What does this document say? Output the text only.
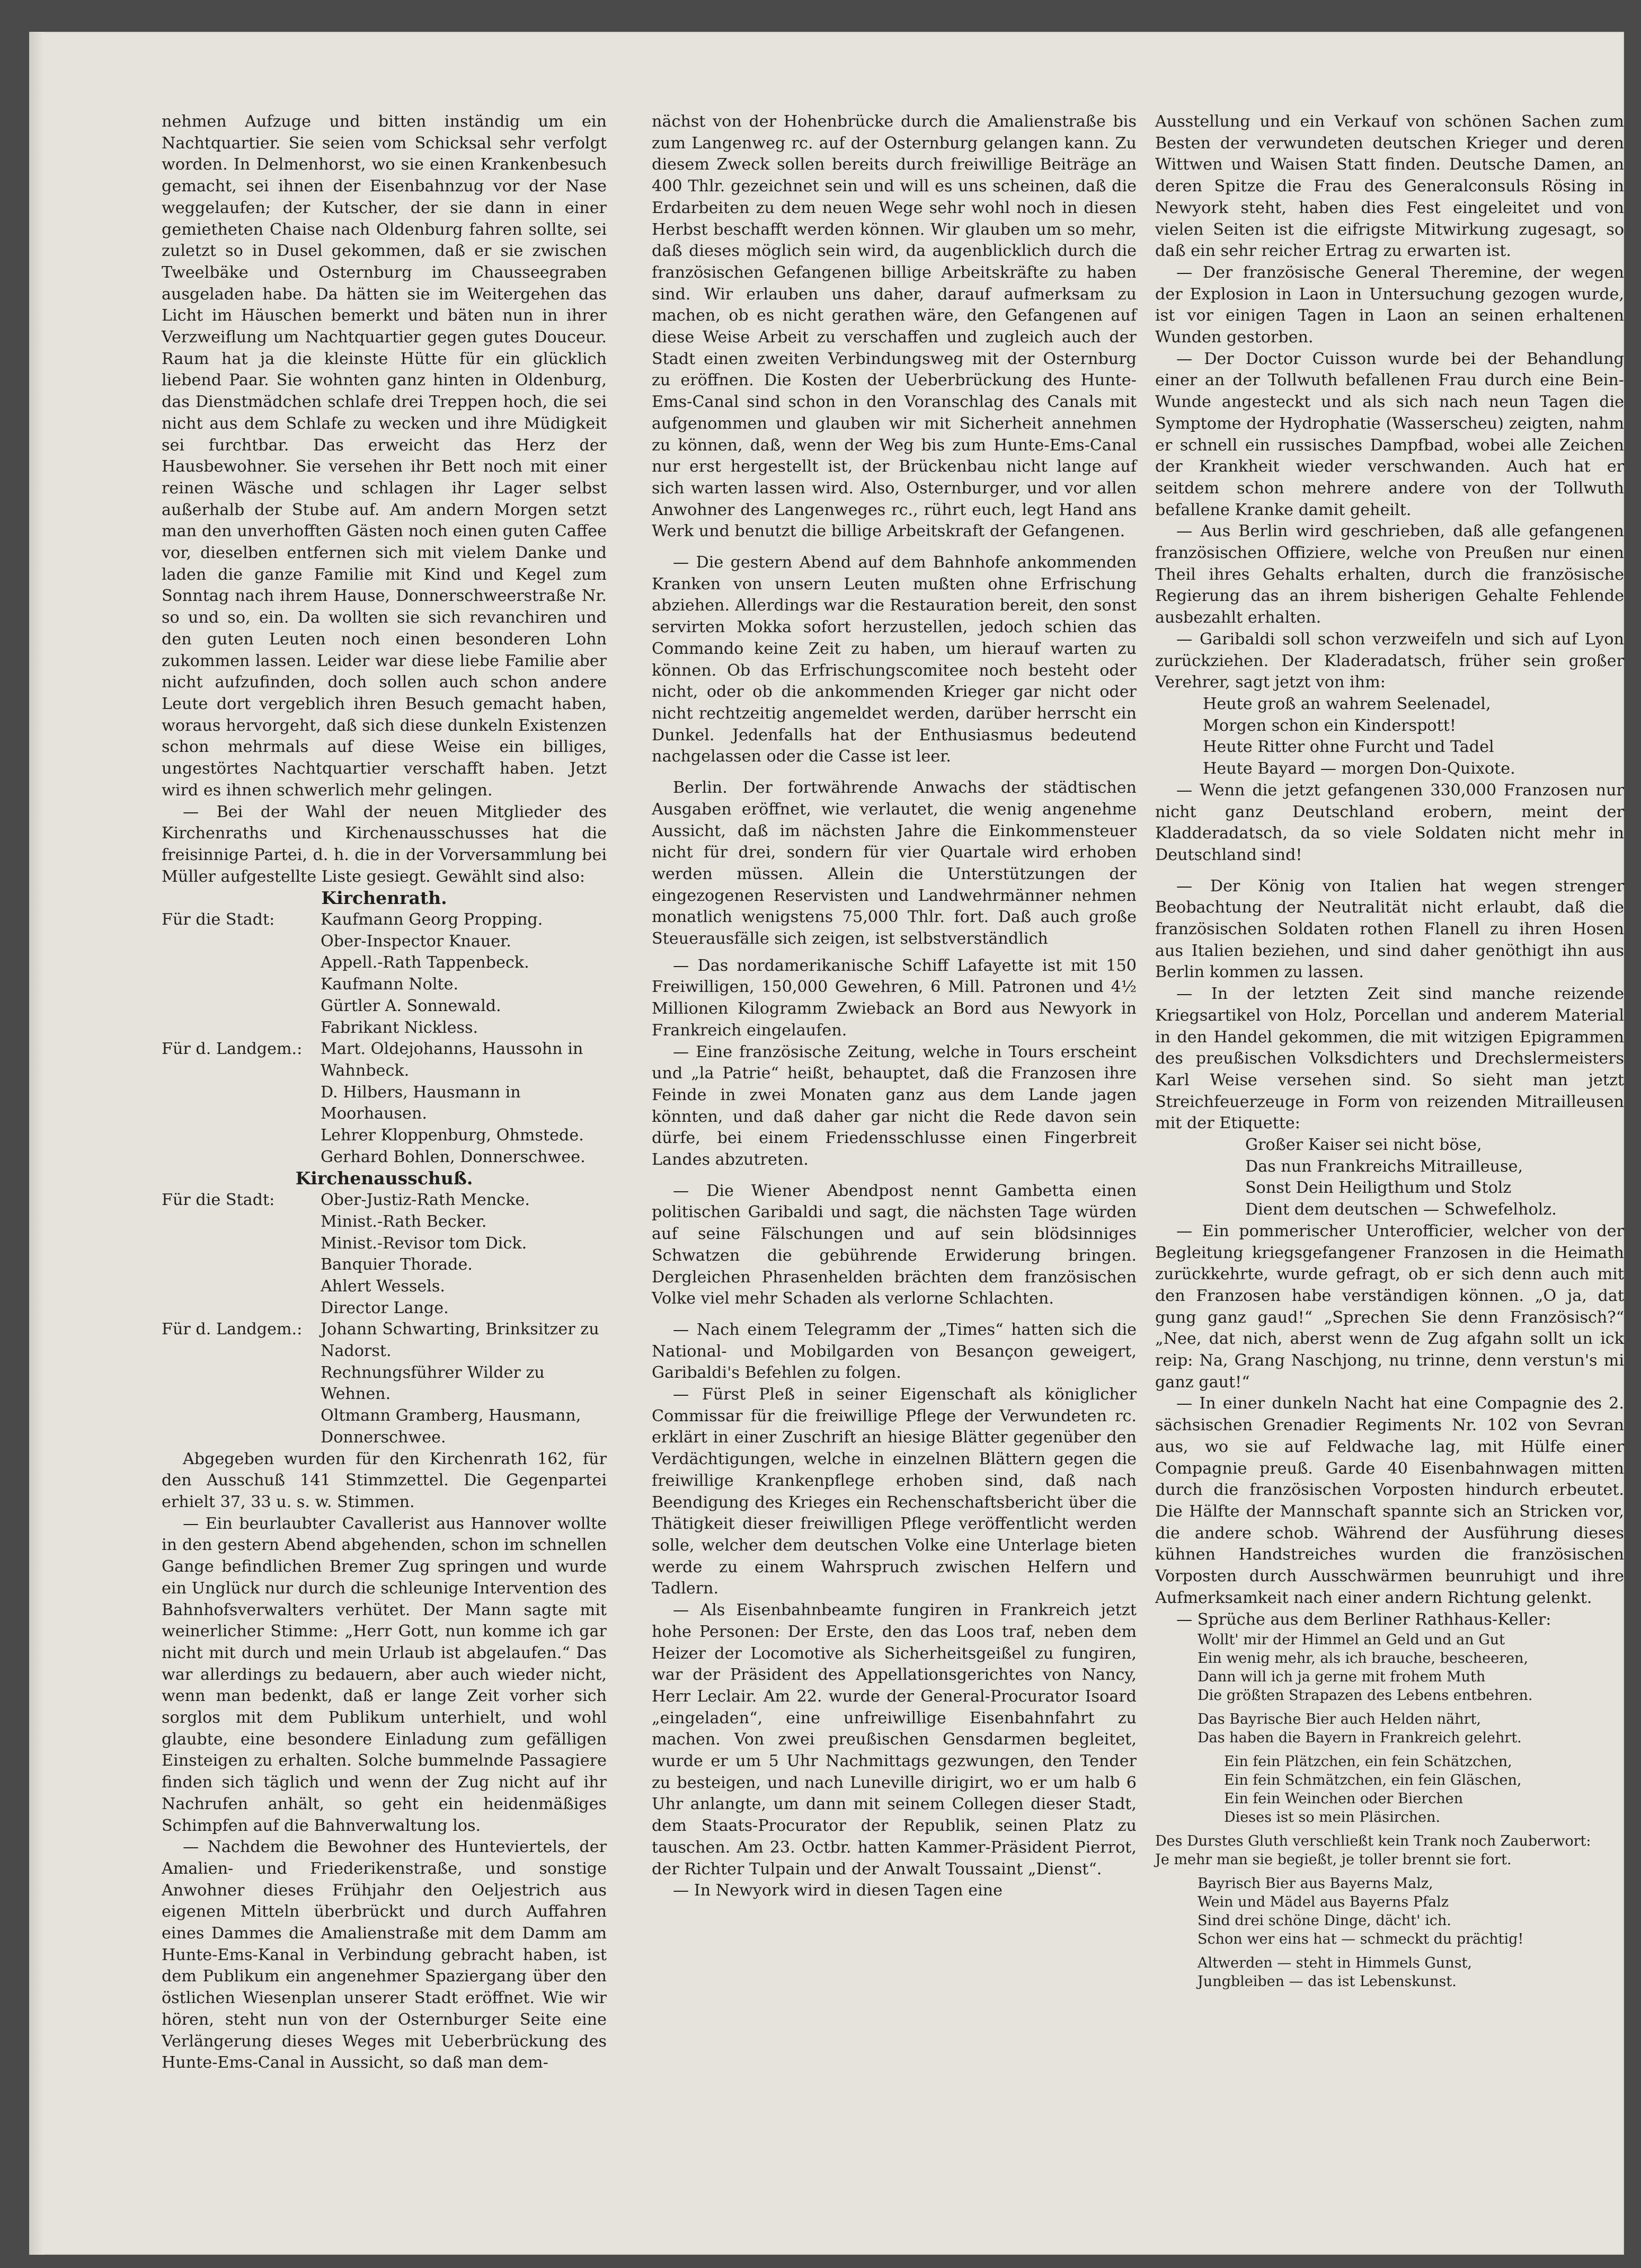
nehmen Aufzuge und bitten inständig um ein Nachtquartier. Sie seien vom Schicksal sehr verfolgt worden. In Delmenhorst, wo sie einen Krankenbesuch gemacht, sei ihnen der Eisenbahnzug vor der Nase weggelaufen; der Kutscher, der sie dann in einer gemietheten Chaise nach Oldenburg fahren sollte, sei zuletzt so in Dusel gekommen, daß er sie zwischen Tweelbäke und Osternburg im Chausseegraben ausgeladen habe. Da hätten sie im Weitergehen das Licht im Häuschen bemerkt und bäten nun in ihrer Verzweiflung um Nachtquartier gegen gutes Douceur. Raum hat ja die kleinste Hütte für ein glücklich liebend Paar. Sie wohnten ganz hinten in Oldenburg, das Dienstmädchen schlafe drei Treppen hoch, die sei nicht aus dem Schlafe zu wecken und ihre Müdigkeit sei furchtbar. Das erweicht das Herz der Hausbewohner. Sie versehen ihr Bett noch mit einer reinen Wäsche und schlagen ihr Lager selbst außerhalb der Stube auf. Am andern Morgen setzt man den unverhofften Gästen noch einen guten Caffee vor, dieselben entfernen sich mit vielem Danke und laden die ganze Familie mit Kind und Kegel zum Sonntag nach ihrem Hause, Donnerschweerstraße Nr. so und so, ein. Da wollten sie sich revanchiren und den guten Leuten noch einen besonderen Lohn zukommen lassen. Leider war diese liebe Familie aber nicht aufzufinden, doch sollen auch schon andere Leute dort vergeblich ihren Besuch gemacht haben, woraus hervorgeht, daß sich diese dunkeln Existenzen schon mehrmals auf diese Weise ein billiges, ungestörtes Nachtquartier verschafft haben. Jetzt wird es ihnen schwerlich mehr gelingen.

— Bei der Wahl der neuen Mitglieder des Kirchenraths und Kirchenausschusses hat die freisinnige Partei, d. h. die in der Vorversammlung bei Müller aufgestellte Liste gesiegt. Gewählt sind also:

Kirchenrath.

Für die Stadt:	Kaufmann Georg Propping.
Ober-Inspector Knauer.
Appell.-Rath Tappenbeck.
Kaufmann Nolte.
Gürtler A. Sonnewald.
Fabrikant Nickless.
Für d. Landgem.:	Mart. Oldejohanns, Haussohn in Wahnbeck.
D. Hilbers, Hausmann in Moorhausen.
Lehrer Kloppenburg, Ohmstede.
Gerhard Bohlen, Donnerschwee.

Kirchenausschuß.

Für die Stadt:	Ober-Justiz-Rath Mencke.
Minist.-Rath Becker.
Minist.-Revisor tom Dick.
Banquier Thorade.
Ahlert Wessels.
Director Lange.
Für d. Landgem.:	Johann Schwarting, Brinksitzer zu Nadorst.
Rechnungsführer Wilder zu Wehnen.
Oltmann Gramberg, Hausmann, Donnerschwee.

Abgegeben wurden für den Kirchenrath 162, für den Ausschuß 141 Stimmzettel. Die Gegenpartei erhielt 37, 33 u. s. w. Stimmen.

— Ein beurlaubter Cavallerist aus Hannover wollte in den gestern Abend abgehenden, schon im schnellen Gange befindlichen Bremer Zug springen und wurde ein Unglück nur durch die schleunige Intervention des Bahnhofsverwalters verhütet. Der Mann sagte mit weinerlicher Stimme: „Herr Gott, nun komme ich gar nicht mit durch und mein Urlaub ist abgelaufen.“ Das war allerdings zu bedauern, aber auch wieder nicht, wenn man bedenkt, daß er lange Zeit vorher sich sorglos mit dem Publikum unterhielt, und wohl glaubte, eine besondere Einladung zum gefälligen Einsteigen zu erhalten. Solche bummelnde Passagiere finden sich täglich und wenn der Zug nicht auf ihr Nachrufen anhält, so geht ein heidenmäßiges Schimpfen auf die Bahnverwaltung los.

— Nachdem die Bewohner des Hunteviertels, der Amalien- und Friederikenstraße, und sonstige Anwohner dieses Frühjahr den Oeljestrich aus eigenen Mitteln überbrückt und durch Auffahren eines Dammes die Amalienstraße mit dem Damm am Hunte-Ems-Kanal in Verbindung gebracht haben, ist dem Publikum ein angenehmer Spaziergang über den östlichen Wiesenplan unserer Stadt eröffnet. Wie wir hören, steht nun von der Osternburger Seite eine Verlängerung dieses Weges mit Ueberbrückung des Hunte-Ems-Canal in Aussicht, so daß man dem-

nächst von der Hohenbrücke durch die Amalienstraße bis zum Langenweg rc. auf der Osternburg gelangen kann. Zu diesem Zweck sollen bereits durch freiwillige Beiträge an 400 Thlr. gezeichnet sein und will es uns scheinen, daß die Erdarbeiten zu dem neuen Wege sehr wohl noch in diesen Herbst beschafft werden können. Wir glauben um so mehr, daß dieses möglich sein wird, da augenblicklich durch die französischen Gefangenen billige Arbeitskräfte zu haben sind. Wir erlauben uns daher, darauf aufmerksam zu machen, ob es nicht gerathen wäre, den Gefangenen auf diese Weise Arbeit zu verschaffen und zugleich auch der Stadt einen zweiten Verbindungsweg mit der Osternburg zu eröffnen. Die Kosten der Ueberbrückung des Hunte-Ems-Canal sind schon in den Voranschlag des Canals mit aufgenommen und glauben wir mit Sicherheit annehmen zu können, daß, wenn der Weg bis zum Hunte-Ems-Canal nur erst hergestellt ist, der Brückenbau nicht lange auf sich warten lassen wird. Also, Osternburger, und vor allen Anwohner des Langenweges rc., rührt euch, legt Hand ans Werk und benutzt die billige Arbeitskraft der Gefangenen.

— Die gestern Abend auf dem Bahnhofe ankommenden Kranken von unsern Leuten mußten ohne Erfrischung abziehen. Allerdings war die Restauration bereit, den sonst servirten Mokka sofort herzustellen, jedoch schien das Commando keine Zeit zu haben, um hierauf warten zu können. Ob das Erfrischungscomitee noch besteht oder nicht, oder ob die ankommenden Krieger gar nicht oder nicht rechtzeitig angemeldet werden, darüber herrscht ein Dunkel. Jedenfalls hat der Enthusiasmus bedeutend nachgelassen oder die Casse ist leer.

Berlin. Der fortwährende Anwachs der städtischen Ausgaben eröffnet, wie verlautet, die wenig angenehme Aussicht, daß im nächsten Jahre die Einkommensteuer nicht für drei, sondern für vier Quartale wird erhoben werden müssen. Allein die Unterstützungen der eingezogenen Reservisten und Landwehrmänner nehmen monatlich wenigstens 75,000 Thlr. fort. Daß auch große Steuerausfälle sich zeigen, ist selbstverständlich

— Das nordamerikanische Schiff Lafayette ist mit 150 Freiwilligen, 150,000 Gewehren, 6 Mill. Patronen und 4½ Millionen Kilogramm Zwieback an Bord aus Newyork in Frankreich eingelaufen.

— Eine französische Zeitung, welche in Tours erscheint und „la Patrie“ heißt, behauptet, daß die Franzosen ihre Feinde in zwei Monaten ganz aus dem Lande jagen könnten, und daß daher gar nicht die Rede davon sein dürfe, bei einem Friedensschlusse einen Fingerbreit Landes abzutreten.

— Die Wiener Abendpost nennt Gambetta einen politischen Garibaldi und sagt, die nächsten Tage würden auf seine Fälschungen und auf sein blödsinniges Schwatzen die gebührende Erwiderung bringen. Dergleichen Phrasenhelden brächten dem französischen Volke viel mehr Schaden als verlorne Schlachten.

— Nach einem Telegramm der „Times“ hatten sich die National- und Mobilgarden von Besançon geweigert, Garibaldi's Befehlen zu folgen.

— Fürst Pleß in seiner Eigenschaft als königlicher Commissar für die freiwillige Pflege der Verwundeten rc. erklärt in einer Zuschrift an hiesige Blätter gegenüber den Verdächtigungen, welche in einzelnen Blättern gegen die freiwillige Krankenpflege erhoben sind, daß nach Beendigung des Krieges ein Rechenschaftsbericht über die Thätigkeit dieser freiwilligen Pflege veröffentlicht werden solle, welcher dem deutschen Volke eine Unterlage bieten werde zu einem Wahrspruch zwischen Helfern und Tadlern.

— Als Eisenbahnbeamte fungiren in Frankreich jetzt hohe Personen: Der Erste, den das Loos traf, neben dem Heizer der Locomotive als Sicherheitsgeißel zu fungiren, war der Präsident des Appellationsgerichtes von Nancy, Herr Leclair. Am 22. wurde der General-Procurator Isoard „eingeladen“, eine unfreiwillige Eisenbahnfahrt zu machen. Von zwei preußischen Gensdarmen begleitet, wurde er um 5 Uhr Nachmittags gezwungen, den Tender zu besteigen, und nach Luneville dirigirt, wo er um halb 6 Uhr anlangte, um dann mit seinem Collegen dieser Stadt, dem Staats-Procurator der Republik, seinen Platz zu tauschen. Am 23. Octbr. hatten Kammer-Präsident Pierrot, der Richter Tulpain und der Anwalt Toussaint „Dienst“.

— In Newyork wird in diesen Tagen eine

Ausstellung und ein Verkauf von schönen Sachen zum Besten der verwundeten deutschen Krieger und deren Wittwen und Waisen Statt finden. Deutsche Damen, an deren Spitze die Frau des Generalconsuls Rösing in Newyork steht, haben dies Fest eingeleitet und von vielen Seiten ist die eifrigste Mitwirkung zugesagt, so daß ein sehr reicher Ertrag zu erwarten ist.

— Der französische General Theremine, der wegen der Explosion in Laon in Untersuchung gezogen wurde, ist vor einigen Tagen in Laon an seinen erhaltenen Wunden gestorben.

— Der Doctor Cuisson wurde bei der Behandlung einer an der Tollwuth befallenen Frau durch eine Bein-Wunde angesteckt und als sich nach neun Tagen die Symptome der Hydrophatie (Wasserscheu) zeigten, nahm er schnell ein russisches Dampfbad, wobei alle Zeichen der Krankheit wieder verschwanden. Auch hat er seitdem schon mehrere andere von der Tollwuth befallene Kranke damit geheilt.

— Aus Berlin wird geschrieben, daß alle gefangenen französischen Offiziere, welche von Preußen nur einen Theil ihres Gehalts erhalten, durch die französische Regierung das an ihrem bisherigen Gehalte Fehlende ausbezahlt erhalten.

— Garibaldi soll schon verzweifeln und sich auf Lyon zurückziehen. Der Kladeradatsch, früher sein großer Verehrer, sagt jetzt von ihm:

Heute groß an wahrem Seelenadel,

Morgen schon ein Kinderspott!

Heute Ritter ohne Furcht und Tadel

Heute Bayard — morgen Don-Quixote.

— Wenn die jetzt gefangenen 330,000 Franzosen nur nicht ganz Deutschland erobern, meint der Kladderadatsch, da so viele Soldaten nicht mehr in Deutschland sind!

— Der König von Italien hat wegen strenger Beobachtung der Neutralität nicht erlaubt, daß die französischen Soldaten rothen Flanell zu ihren Hosen aus Italien beziehen, und sind daher genöthigt ihn aus Berlin kommen zu lassen.

— In der letzten Zeit sind manche reizende Kriegsartikel von Holz, Porcellan und anderem Material in den Handel gekommen, die mit witzigen Epigrammen des preußischen Volksdichters und Drechslermeisters Karl Weise versehen sind. So sieht man jetzt Streichfeuerzeuge in Form von reizenden Mitrailleusen mit der Etiquette:

Großer Kaiser sei nicht böse,

Das nun Frankreichs Mitrailleuse,

Sonst Dein Heiligthum und Stolz

Dient dem deutschen — Schwefelholz.

— Ein pommerischer Unterofficier, welcher von der Begleitung kriegsgefangener Franzosen in die Heimath zurückkehrte, wurde gefragt, ob er sich denn auch mit den Franzosen habe verständigen können. „O ja, dat gung ganz gaud!“ „Sprechen Sie denn Französisch?“ „Nee, dat nich, aberst wenn de Zug afgahn sollt un ick reip: Na, Grang Naschjong, nu trinne, denn verstun's mi ganz gaut!“

— In einer dunkeln Nacht hat eine Compagnie des 2. sächsischen Grenadier Regiments Nr. 102 von Sevran aus, wo sie auf Feldwache lag, mit Hülfe einer Compagnie preuß. Garde 40 Eisenbahnwagen mitten durch die französischen Vorposten hindurch erbeutet. Die Hälfte der Mannschaft spannte sich an Stricken vor, die andere schob. Während der Ausführung dieses kühnen Handstreiches wurden die französischen Vorposten durch Ausschwärmen beunruhigt und ihre Aufmerksamkeit nach einer andern Richtung gelenkt.

— Sprüche aus dem Berliner Rathhaus-Keller:

Wollt' mir der Himmel an Geld und an Gut

Ein wenig mehr, als ich brauche, bescheeren,

Dann will ich ja gerne mit frohem Muth

Die größten Strapazen des Lebens entbehren.

Das Bayrische Bier auch Helden nährt,

Das haben die Bayern in Frankreich gelehrt.

Ein fein Plätzchen, ein fein Schätzchen,

Ein fein Schmätzchen, ein fein Gläschen,

Ein fein Weinchen oder Bierchen

Dieses ist so mein Pläsirchen.

Des Durstes Gluth verschließt kein Trank noch Zauberwort:

Je mehr man sie begießt, je toller brennt sie fort.

Bayrisch Bier aus Bayerns Malz,

Wein und Mädel aus Bayerns Pfalz

Sind drei schöne Dinge, dächt' ich.

Schon wer eins hat — schmeckt du prächtig!

Altwerden — steht in Himmels Gunst,

Jungbleiben — das ist Lebenskunst.
